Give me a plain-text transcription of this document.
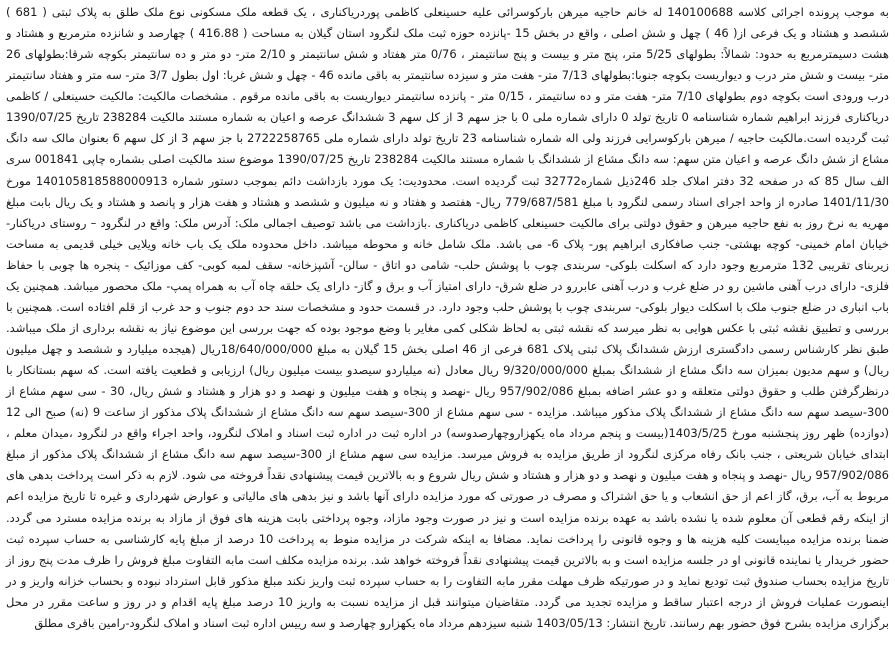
به موجب پرونده اجرائی کلاسه 140100688 له خانم حاجیه میرهن بارکوسرائی علیه حسینعلی کاظمی پوردریاکناری ، یک قطعه ملک مسکونی نوع ملک طلق به پلاک ثبتی ( 681 ) ششصد و هشتاد و یک فرعی از( 46 ) چهل و شش اصلی ، واقع در بخش 15 -پانزده حوزه ثبت ملک لنگرود استان گیلان به مساحت ( 416.88 ) چهارصد و شانزده مترمربع و هشتاد و هشت دسیمترمربع به حدود: شمالاً: بطولهای 5/25 متر، پنج متر و بیست و پنج سانتیمتر ، 0/76 متر هفتاد و شش سانتیمتر و 2/10 متر- دو متر و ده سانتیمتر بکوچه شرقا:بطولهای 26 متر- بیست و شش متر درب و دیواریست بکوچه جنوبا:بطولهای 7/13 متر- هفت متر و سیزده سانتیمتر به باقی مانده 46 - چهل و شش غربا: اول بطول 3/7 متر- سه متر و هفتاد سانتیمتر درب ورودی است بکوچه دوم بطولهای 7/10 متر- هفت متر و ده سانتیمتر ، 0/15 متر - پانزده سانتیمتر دیواریست به باقی مانده مرقوم . مشخصات مالکیت: مالکیت حسینعلی / کاظمی دریاکناری فرزند ابراهیم شماره شناسنامه 0 تاریخ تولد 0 دارای شماره ملی 0 با جز سهم 3 از کل سهم 3 ششدانگ عرصه و اعیان به شماره مستند مالکیت 238284 تاریخ 1390/07/25 ثبت گردیده است.مالکیت حاجیه / میرهن بارکوسرایی فرزند ولی اله شماره شناسنامه 23 تاریخ تولد دارای شماره ملی 2722258765 با جز سهم 3 از کل سهم 6 بعنوان مالک سه دانگ مشاع از شش دانگ عرصه و اعیان متن سهم: سه دانگ مشاع از ششدانگ با شماره مستند مالکیت 238284 تاریخ 1390/07/25 موضوع سند مالکیت اصلی بشماره چاپی 001841 سری الف سال 85 که در صفحه 32 دفتر املاک جلد 246ذیل شماره32772 ثبت گردیده است. محدودیت: یک مورد بازداشت دائم بموجب دستور شماره 140105818588000913 مورخ 1401/11/30 صادره از واحد اجرای اسناد رسمی لنگرود با مبلغ 779/687/581 ریال- هفتصد و هفتاد و نه میلیون و ششصد و هشتاد و هفت هزار و پانصد و هشتاد و یک ریال بابت مبلغ مهریه به نرخ روز به نفع حاجیه میرهن و حقوق دولتی برای مالکیت حسینعلی کاظمی دریاکناری .بازداشت می باشد توصیف اجمالی ملک: آدرس ملک: واقع در لنگرود – روستای دریاکنار- خیابان امام خمینی- کوچه بهشتی- جنب صافکاری ابراهیم پور- پلاک 6- می باشد. ملک شامل خانه و محوطه میباشد. داخل محدوده ملک یک باب خانه ویلایی خیلی قدیمی به مساحت زیربنای تقریبی 132 مترمربع وجود دارد که اسکلت بلوکی- سربندی چوب با پوشش حلب- شامی دو اتاق - سالن- آشپزخانه- سقف لمبه کوبی- کف موزائیک - پنجره ها چوبی با حفاظ فلزی- دارای درب آهنی ماشین رو در ضلع غرب و درب آهنی عابررو در ضلع شرق- دارای امتیاز آب و برق و گاز- دارای یک حلقه چاه آب به همراه پمپ- ملک محصور میباشد. همچنین یک باب انباری در ضلع جنوب ملک با اسکلت دیوار بلوکی- سربندی چوب با پوشش حلب وجود دارد. در قسمت حدود و مشخصات سند حد دوم جنوب و حد غرب از قلم افتاده است. همچنین با بررسی و تطبیق نقشه ثبتی با عکس هوایی به نظر میرسد که نقشه ثبتی به لحاظ شکلی کمی مغایر با وضع موجود بوده که جهت بررسی این موضوع نیاز به نقشه برداری از ملک میباشد. طبق نظر کارشناس رسمی دادگستری ارزش ششدانگ پلاک ثبتی پلاک 681 فرعی از 46 اصلی بخش 15 گیلان به مبلغ 18/640/000/000ریال (هیجده میلیارد و ششصد و چهل میلیون ریال) و سهم مدیون بمیزان سه دانگ مشاع از ششدانگ بمبلغ 9/320/000/000 ریال معادل (نه میلیاردو سیصدو بیست میلیون ریال) ارزیابی و قطعیت یافته است. که سهم بستانکار با درنظرگرفتن طلب و حقوق دولتی متعلقه و دو عشر اضافه بمبلغ 957/902/086 ریال -نهصد و پنجاه و هفت میلیون و نهصد و دو هزار و هشتاد و شش ریال، 30 - سی سهم مشاع از 300-سیصد سهم سه دانگ مشاع از ششدانگ پلاک مذکور میباشد. مزایده - سی سهم مشاع از 300-سیصد سهم سه دانگ مشاع از ششدانگ پلاک مذکور از ساعت 9 (نه) صبح الی 12 (دوازده) ظهر روز پنجشنبه مورخ 1403/5/25(بیست و پنجم مرداد ماه یکهزاروچهارصدوسه) در اداره ثبت در اداره ثبت اسناد و املاک لنگرود، واحد اجراء واقع در لنگرود ،میدان معلم ، ابتدای خیابان شریعتی ، جنب بانک رفاه مرکزی لنگرود از طریق مزایده به فروش میرسد. مزایده سی سهم مشاع از 300-سیصد سهم سه دانگ مشاع از ششدانگ پلاک مذکور از مبلغ 957/902/086 ریال -نهصد و پنجاه و هفت میلیون و نهصد و دو هزار و هشتاد و شش ریال شروع و به بالاترین قیمت پیشنهادی نقداً فروخته می شود. لازم به ذکر است پرداخت بدهی های مربوط به آب، برق، گاز اعم از حق انشعاب و یا حق اشتراک و مصرف در صورتی که مورد مزایده دارای آنها باشد و نیز بدهی های مالیاتی و عوارض شهرداری و غیره تا تاریخ مزایده اعم از اینکه رقم قطعی آن معلوم شده یا نشده باشد به عهده برنده مزایده است و نیز در صورت وجود مازاد، وجوه پرداختی بابت هزینه های فوق از مازاد به برنده مزایده مسترد می گردد. ضمنا برنده مزایده میبایست کلیه هزینه ها و وجوه قانونی را پرداخت نماید. مضافا به اینکه شرکت در مزایده منوط به پرداخت 10 درصد از مبلغ پایه کارشناسی به حساب سپرده ثبت حضور خریدار یا نماینده قانونی او در جلسه مزایده است و به بالاترین قیمت پیشنهادی نقداً فروخته خواهد شد. برنده مزایده مکلف است مابه التفاوت مبلغ فروش را ظرف مدت پنج روز از تاریخ مزایده بحساب صندوق ثبت تودیع نماید و در صورتیکه ظرف مهلت مقرر مابه التفاوت را به حساب سپرده ثبت واریز نکند مبلغ مذکور قابل استرداد نبوده و بحساب خزانه واریز و در اینصورت عملیات فروش از درجه اعتبار ساقط و مزایده تجدید می گردد. متقاضیان میتوانند قبل از مزایده نسبت به واریز 10 درصد مبلغ پایه اقدام و در روز و ساعت مقرر در محل برگزاری مزایده بشرح فوق حضور بهم رسانند. تاریخ انتشار: 1403/05/13 شنبه سیزدهم مرداد ماه یکهزارو چهارصد و سه رییس اداره ثبت اسناد و املاک لنگرود-رامین باقری مطلق
